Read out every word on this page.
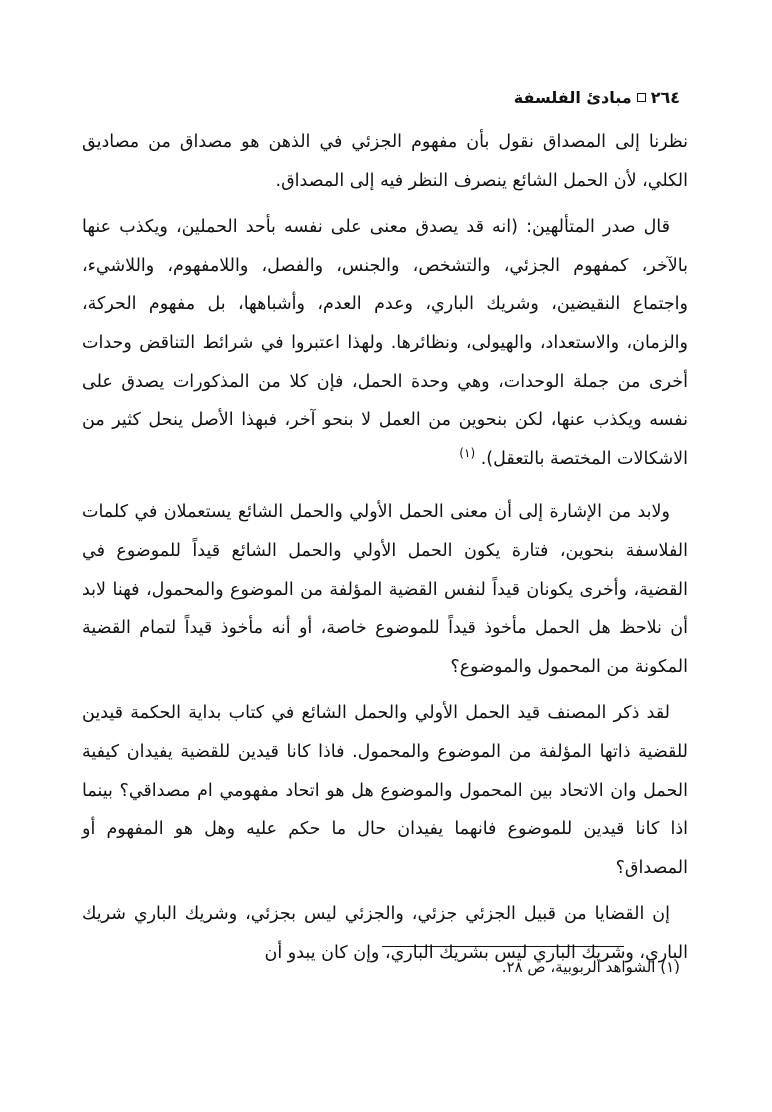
٢٦٤
مبادئ الفلسفة

نظرنا إلى المصداق نقول بأن مفهوم الجزئي في الذهن هو مصداق من مصاديق الكلي، لأن الحمل الشائع ينصرف النظر فيه إلى المصداق.

قال صدر المتألهين: (انه قد يصدق معنى على نفسه بأحد الحملين، ويكذب عنها بالآخر، كمفهوم الجزئي، والتشخص، والجنس، والفصل، واللامفهوم، واللاشيء، واجتماع النقيضين، وشريك الباري، وعدم العدم، وأشباهها، بل مفهوم الحركة، والزمان، والاستعداد، والهيولى، ونظائرها. ولهذا اعتبروا في شرائط التناقض وحدات أخرى من جملة الوحدات، وهي وحدة الحمل، فإن كلا من المذكورات يصدق على نفسه ويكذب عنها، لكن بنحوين من العمل لا بنحو آخر، فبهذا الأصل ينحل كثير من الاشكالات المختصة بالتعقل). $^{(١)}$

ولابد من الإشارة إلى أن معنى الحمل الأولي والحمل الشائع يستعملان في كلمات الفلاسفة بنحوين، فتارة يكون الحمل الأولي والحمل الشائع قيداً للموضوع في القضية، وأخرى يكونان قيداً لنفس القضية المؤلفة من الموضوع والمحمول، فهنا لابد أن نلاحظ هل الحمل مأخوذ قيداً للموضوع خاصة، أو أنه مأخوذ قيداً لتمام القضية المكونة من المحمول والموضوع؟

لقد ذكر المصنف قيد الحمل الأولي والحمل الشائع في كتاب بداية الحكمة قيدين للقضية ذاتها المؤلفة من الموضوع والمحمول. فاذا كانا قيدين للقضية يفيدان كيفية الحمل وان الاتحاد بين المحمول والموضوع هل هو اتحاد مفهومي ام مصداقي؟ بينما اذا كانا قيدين للموضوع فانهما يفيدان حال ما حكم عليه وهل هو المفهوم أو المصداق؟

إن القضايا من قبيل الجزئي جزئي، والجزئي ليس بجزئي، وشريك الباري شريك الباري، وشريك الباري ليس بشريك الباري، وإن كان يبدو أن

(١) الشواهد الربوبية، ص ٢٨.
